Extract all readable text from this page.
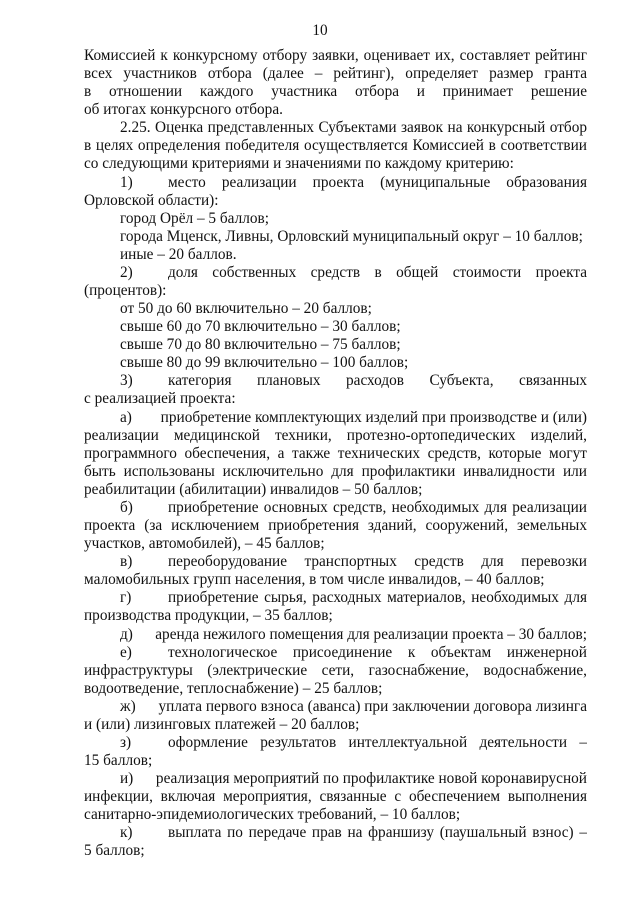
10
Комиссией к конкурсному отбору заявки, оценивает их, составляет рейтинг
всех участников отбора (далее – рейтинг), определяет размер гранта
в отношении каждого участника отбора и принимает решение
об итогах конкурсного отбора.
2.25. Оценка представленных Субъектами заявок на конкурсный отбор
в целях определения победителя осуществляется Комиссией в соответствии
со следующими критериями и значениями по каждому критерию:
1)	место реализации проекта (муниципальные образования
Орловской области):
город Орёл – 5 баллов;
города Мценск, Ливны, Орловский муниципальный округ – 10 баллов;
иные – 20 баллов.
2)	доля собственных средств в общей стоимости проекта
(процентов):
от 50 до 60 включительно – 20 баллов;
свыше 60 до 70 включительно – 30 баллов;
свыше 70 до 80 включительно – 75 баллов;
свыше 80 до 99 включительно – 100 баллов;
3)	категория плановых расходов Субъекта, связанных
с реализацией проекта:
а)	приобретение комплектующих изделий при производстве и (или)
реализации медицинской техники, протезно-ортопедических изделий,
программного обеспечения, а также технических средств, которые могут
быть использованы исключительно для профилактики инвалидности или
реабилитации (абилитации) инвалидов – 50 баллов;
б)	приобретение основных средств, необходимых для реализации
проекта (за исключением приобретения зданий, сооружений, земельных
участков, автомобилей), – 45 баллов;
в)	переоборудование транспортных средств для перевозки
маломобильных групп населения, в том числе инвалидов, – 40 баллов;
г)	приобретение сырья, расходных материалов, необходимых для
производства продукции, – 35 баллов;
д)	аренда нежилого помещения для реализации проекта – 30 баллов;
е)	технологическое присоединение к объектам инженерной
инфраструктуры (электрические сети, газоснабжение, водоснабжение,
водоотведение, теплоснабжение) – 25 баллов;
ж)	уплата первого взноса (аванса) при заключении договора лизинга
и (или) лизинговых платежей – 20 баллов;
з)	оформление результатов интеллектуальной деятельности –
15 баллов;
и)	реализация мероприятий по профилактике новой коронавирусной
инфекции, включая мероприятия, связанные с обеспечением выполнения
санитарно-эпидемиологических требований, – 10 баллов;
к)	выплата по передаче прав на франшизу (паушальный взнос) –
5 баллов;
